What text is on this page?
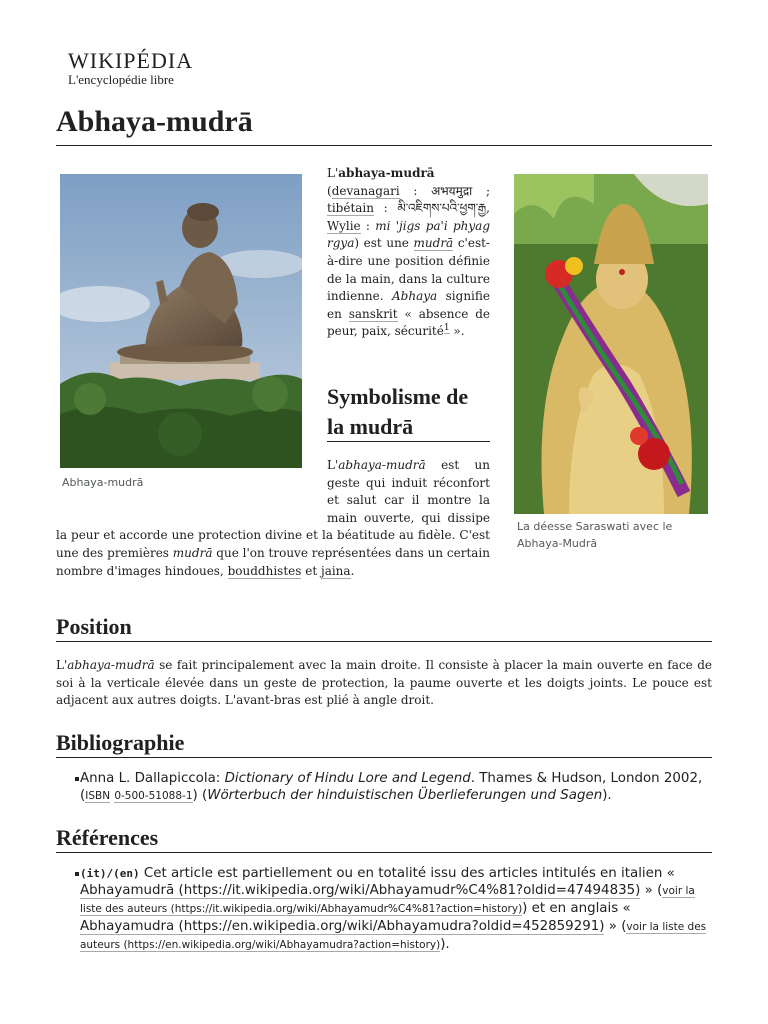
WIKIPÉDIA
L'encyclopédie libre
Abhaya-mudrā
Abhaya-mudrā
L'abhaya-mudrā (devanagari : अभयमुद्रा ; tibétain : མི་འཇིགས་པའི་ཕྱག་རྒྱ, Wylie : mi 'jigs pa'i phyag rgya) est une mudrā c'est-à-dire une position définie de la main, dans la culture indienne. Abhaya signifie en sanskrit « absence de peur, paix, sécurité$^1$ ».
La déesse Saraswati avec le Abhaya-Mudrā
Symbolisme de la mudrā
L'abhaya-mudrā est un geste qui induit réconfort et salut car il montre la main ouverte, qui dissipe la peur et accorde une protection divine et la béatitude au fidèle. C'est une des premières mudrā que l'on trouve représentées dans un certain nombre d'images hindoues, bouddhistes et jaina.
Position
L'abhaya-mudrā se fait principalement avec la main droite. Il consiste à placer la main ouverte en face de soi à la verticale élevée dans un geste de protection, la paume ouverte et les doigts joints. Le pouce est adjacent aux autres doigts. L'avant-bras est plié à angle droit.
Bibliographie
Anna L. Dallapiccola: Dictionary of Hindu Lore and Legend. Thames & Hudson, London 2002, (ISBN 0-500-51088-1) (Wörterbuch der hinduistischen Überlieferungen und Sagen).
Références
(it)/(en) Cet article est partiellement ou en totalité issu des articles intitulés en italien « Abhayamudrā (https://it.wikipedia.org/wiki/Abhayamudr%C4%81?oldid=47494835) » (voir la liste des auteurs (https://it.wikipedia.org/wiki/Abhayamudr%C4%81?action=history)) et en anglais « Abhayamudra (https://en.wikipedia.org/wiki/Abhayamudra?oldid=452859291) » (voir la liste des auteurs (https://en.wikipedia.org/wiki/Abhayamudra?action=history)).
